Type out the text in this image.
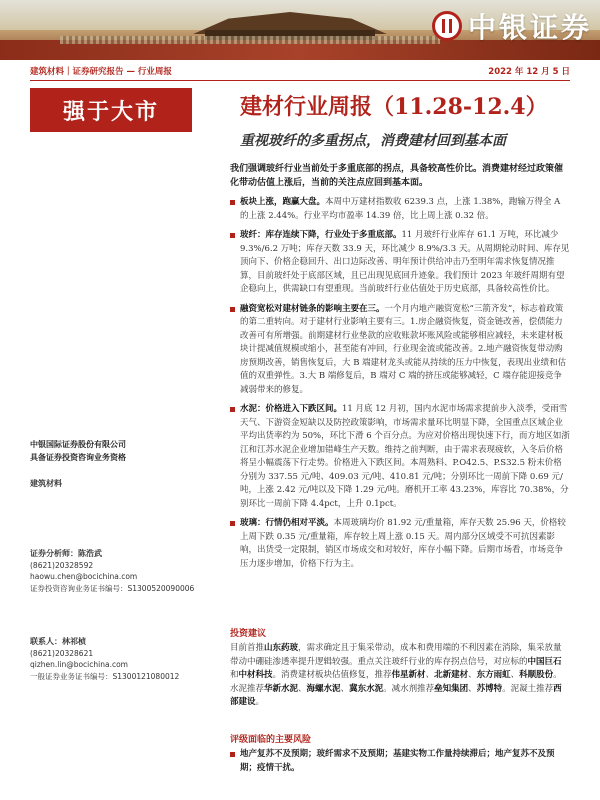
中银证券
建筑材料｜证券研究报告 — 行业周报	2022 年 12 月 5 日
强于大市	建材行业周报（11.28-12.4）
重视玻纤的多重拐点，消费建材回到基本面
我们强调玻纤行业当前处于多重底部的拐点，具备较高性价比。消费建材经过政策催化带动估值上涨后，当前的关注点应回到基本面。
板块上涨，跑赢大盘。本周中万建材指数收 6239.3 点，上涨 1.38%，跑输万得全 A 的上涨 2.44%。行业平均市盈率 14.39 倍，比上周上涨 0.32 倍。
玻纤：库存连续下降，行业处于多重底部。11 月玻纤行业库存 61.1 万吨，环比减少 9.3%/6.2 万吨；库存天数 33.9 天，环比减少 8.9%/3.3 天。从周期轮动时间、库存见顶向下、价格企稳回升、出口边际改善、明年预计供给冲击乃至明年需求恢复情况推算，目前玻纤处于底部区域，且已出现见底回升迹象。我们预计 2023 年玻纤周期有望企稳向上，供需缺口有望重现。当前玻纤行业估值处于历史底部，具备较高性价比。
融资宽松对建材链条的影响主要在三。一个月内地产融资宽松“三箭齐发”，标志着政策的第二重转向。对于建材行业影响主要有三。1.房企融资恢复，资金链改善，偿债能力改善可有所增强。前期建材行业垫款的应收账款坏账风险或能够相应减轻，未来建材板块计提减值规模或缩小，甚至能有冲回，行业现金流或能改善。2.地产融资恢复带动购房预期改善，销售恢复后，大 B 端建材龙头或能从持续的压力中恢复，表现出业绩和估值的双重弹性。3.大 B 端修复后，B 端对 C 端的挤压或能够减轻，C 端存能迎接竞争减弱带来的修复。
水泥：价格进入下跌区间。11 月底 12 月初，国内水泥市场需求提前步入淡季，受雨雪天气、下游资金短缺以及防控政策影响，市场需求量环比明显下降，全国重点区域企业平均出货率约为 50%，环比下滑 6 个百分点。为应对价格出现快速下行，而方地区如浙江和江苏水泥企业增加错峰生产天数。维持之前判断，由于需求表现疲软，入冬后价格将呈小幅震荡下行走势。价格进入下跌区间。本周熟料、P.O42.5、P.S32.5 粉末价格分别为 337.55 元/吨、409.03 元/吨、410.81 元/吨；分别环比一周前下降 0.69 元/吨，上涨 2.42 元/吨以及下降 1.29 元/吨。磨机开工率 43.23%，库容比 70.38%，分别环比一周前下降 4.4pct，上升 0.1pct。
玻璃：行情仍相对平淡。本周玻璃均价 81.92 元/重量箱，库存天数 25.96 天，价格较上周下跌 0.35 元/重量箱，库存较上周上涨 0.15 天。周内部分区域受不可抗因素影响，出货受一定限制，销区市场成交和对较好，库存小幅下降。后期市场看，市场竞争压力逐步增加，价格下行为主。
中银国际证券股份有限公司
具备证券投资咨询业务资格
建筑材料
证券分析师：陈浩武
(8621)20328592
haowu.chen@bocichina.com
证券投资咨询业务证书编号：S1300520090006
联系人：林祁桢
(8621)20328621
qizhen.lin@bocichina.com
一般证券业务证书编号：S1300121080012
投资建议
目前首推山东药玻，需求确定且于集采带动，成本和费用端的不利因素在消除，集采放量带动中硼硅渗透率提升逻辑较强。重点关注玻纤行业的库存拐点信号，对应标的中国巨石和中材科技。消费建材板块估值修复，推荐伟星新材、北新建材、东方雨虹、科顺股份。水泥推荐华新水泥、海螺水泥、冀东水泥。减水剂推荐垒知集团、苏博特。泥凝土推荐西部建设。
评级面临的主要风险
地产复苏不及预期；玻纤需求不及预期；基建实物工作量持续滞后；地产复苏不及预期；疫情干扰。
